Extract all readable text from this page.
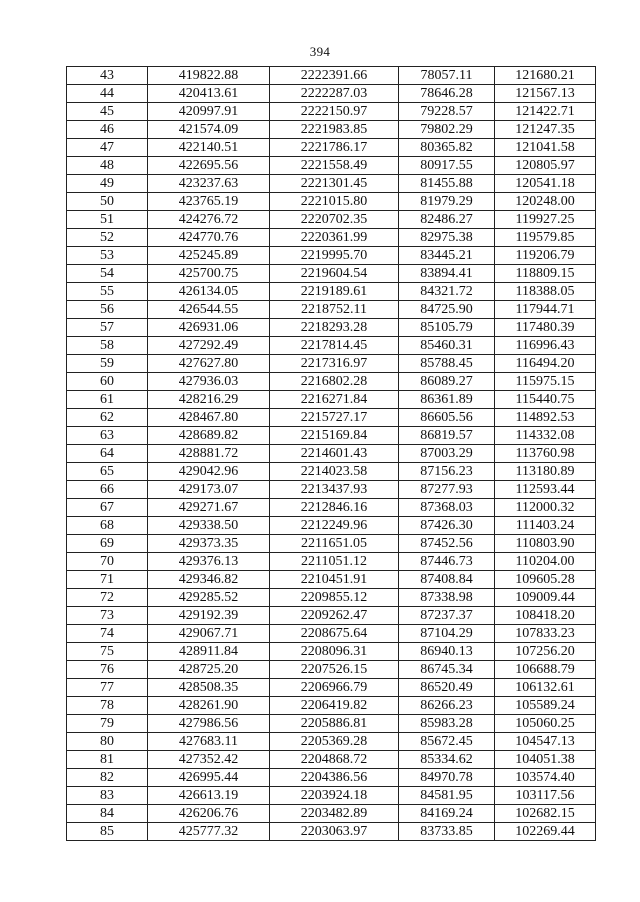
394
43	419822.88	2222391.66	78057.11	121680.21
44	420413.61	2222287.03	78646.28	121567.13
45	420997.91	2222150.97	79228.57	121422.71
46	421574.09	2221983.85	79802.29	121247.35
47	422140.51	2221786.17	80365.82	121041.58
48	422695.56	2221558.49	80917.55	120805.97
49	423237.63	2221301.45	81455.88	120541.18
50	423765.19	2221015.80	81979.29	120248.00
51	424276.72	2220702.35	82486.27	119927.25
52	424770.76	2220361.99	82975.38	119579.85
53	425245.89	2219995.70	83445.21	119206.79
54	425700.75	2219604.54	83894.41	118809.15
55	426134.05	2219189.61	84321.72	118388.05
56	426544.55	2218752.11	84725.90	117944.71
57	426931.06	2218293.28	85105.79	117480.39
58	427292.49	2217814.45	85460.31	116996.43
59	427627.80	2217316.97	85788.45	116494.20
60	427936.03	2216802.28	86089.27	115975.15
61	428216.29	2216271.84	86361.89	115440.75
62	428467.80	2215727.17	86605.56	114892.53
63	428689.82	2215169.84	86819.57	114332.08
64	428881.72	2214601.43	87003.29	113760.98
65	429042.96	2214023.58	87156.23	113180.89
66	429173.07	2213437.93	87277.93	112593.44
67	429271.67	2212846.16	87368.03	112000.32
68	429338.50	2212249.96	87426.30	111403.24
69	429373.35	2211651.05	87452.56	110803.90
70	429376.13	2211051.12	87446.73	110204.00
71	429346.82	2210451.91	87408.84	109605.28
72	429285.52	2209855.12	87338.98	109009.44
73	429192.39	2209262.47	87237.37	108418.20
74	429067.71	2208675.64	87104.29	107833.23
75	428911.84	2208096.31	86940.13	107256.20
76	428725.20	2207526.15	86745.34	106688.79
77	428508.35	2206966.79	86520.49	106132.61
78	428261.90	2206419.82	86266.23	105589.24
79	427986.56	2205886.81	85983.28	105060.25
80	427683.11	2205369.28	85672.45	104547.13
81	427352.42	2204868.72	85334.62	104051.38
82	426995.44	2204386.56	84970.78	103574.40
83	426613.19	2203924.18	84581.95	103117.56
84	426206.76	2203482.89	84169.24	102682.15
85	425777.32	2203063.97	83733.85	102269.44
